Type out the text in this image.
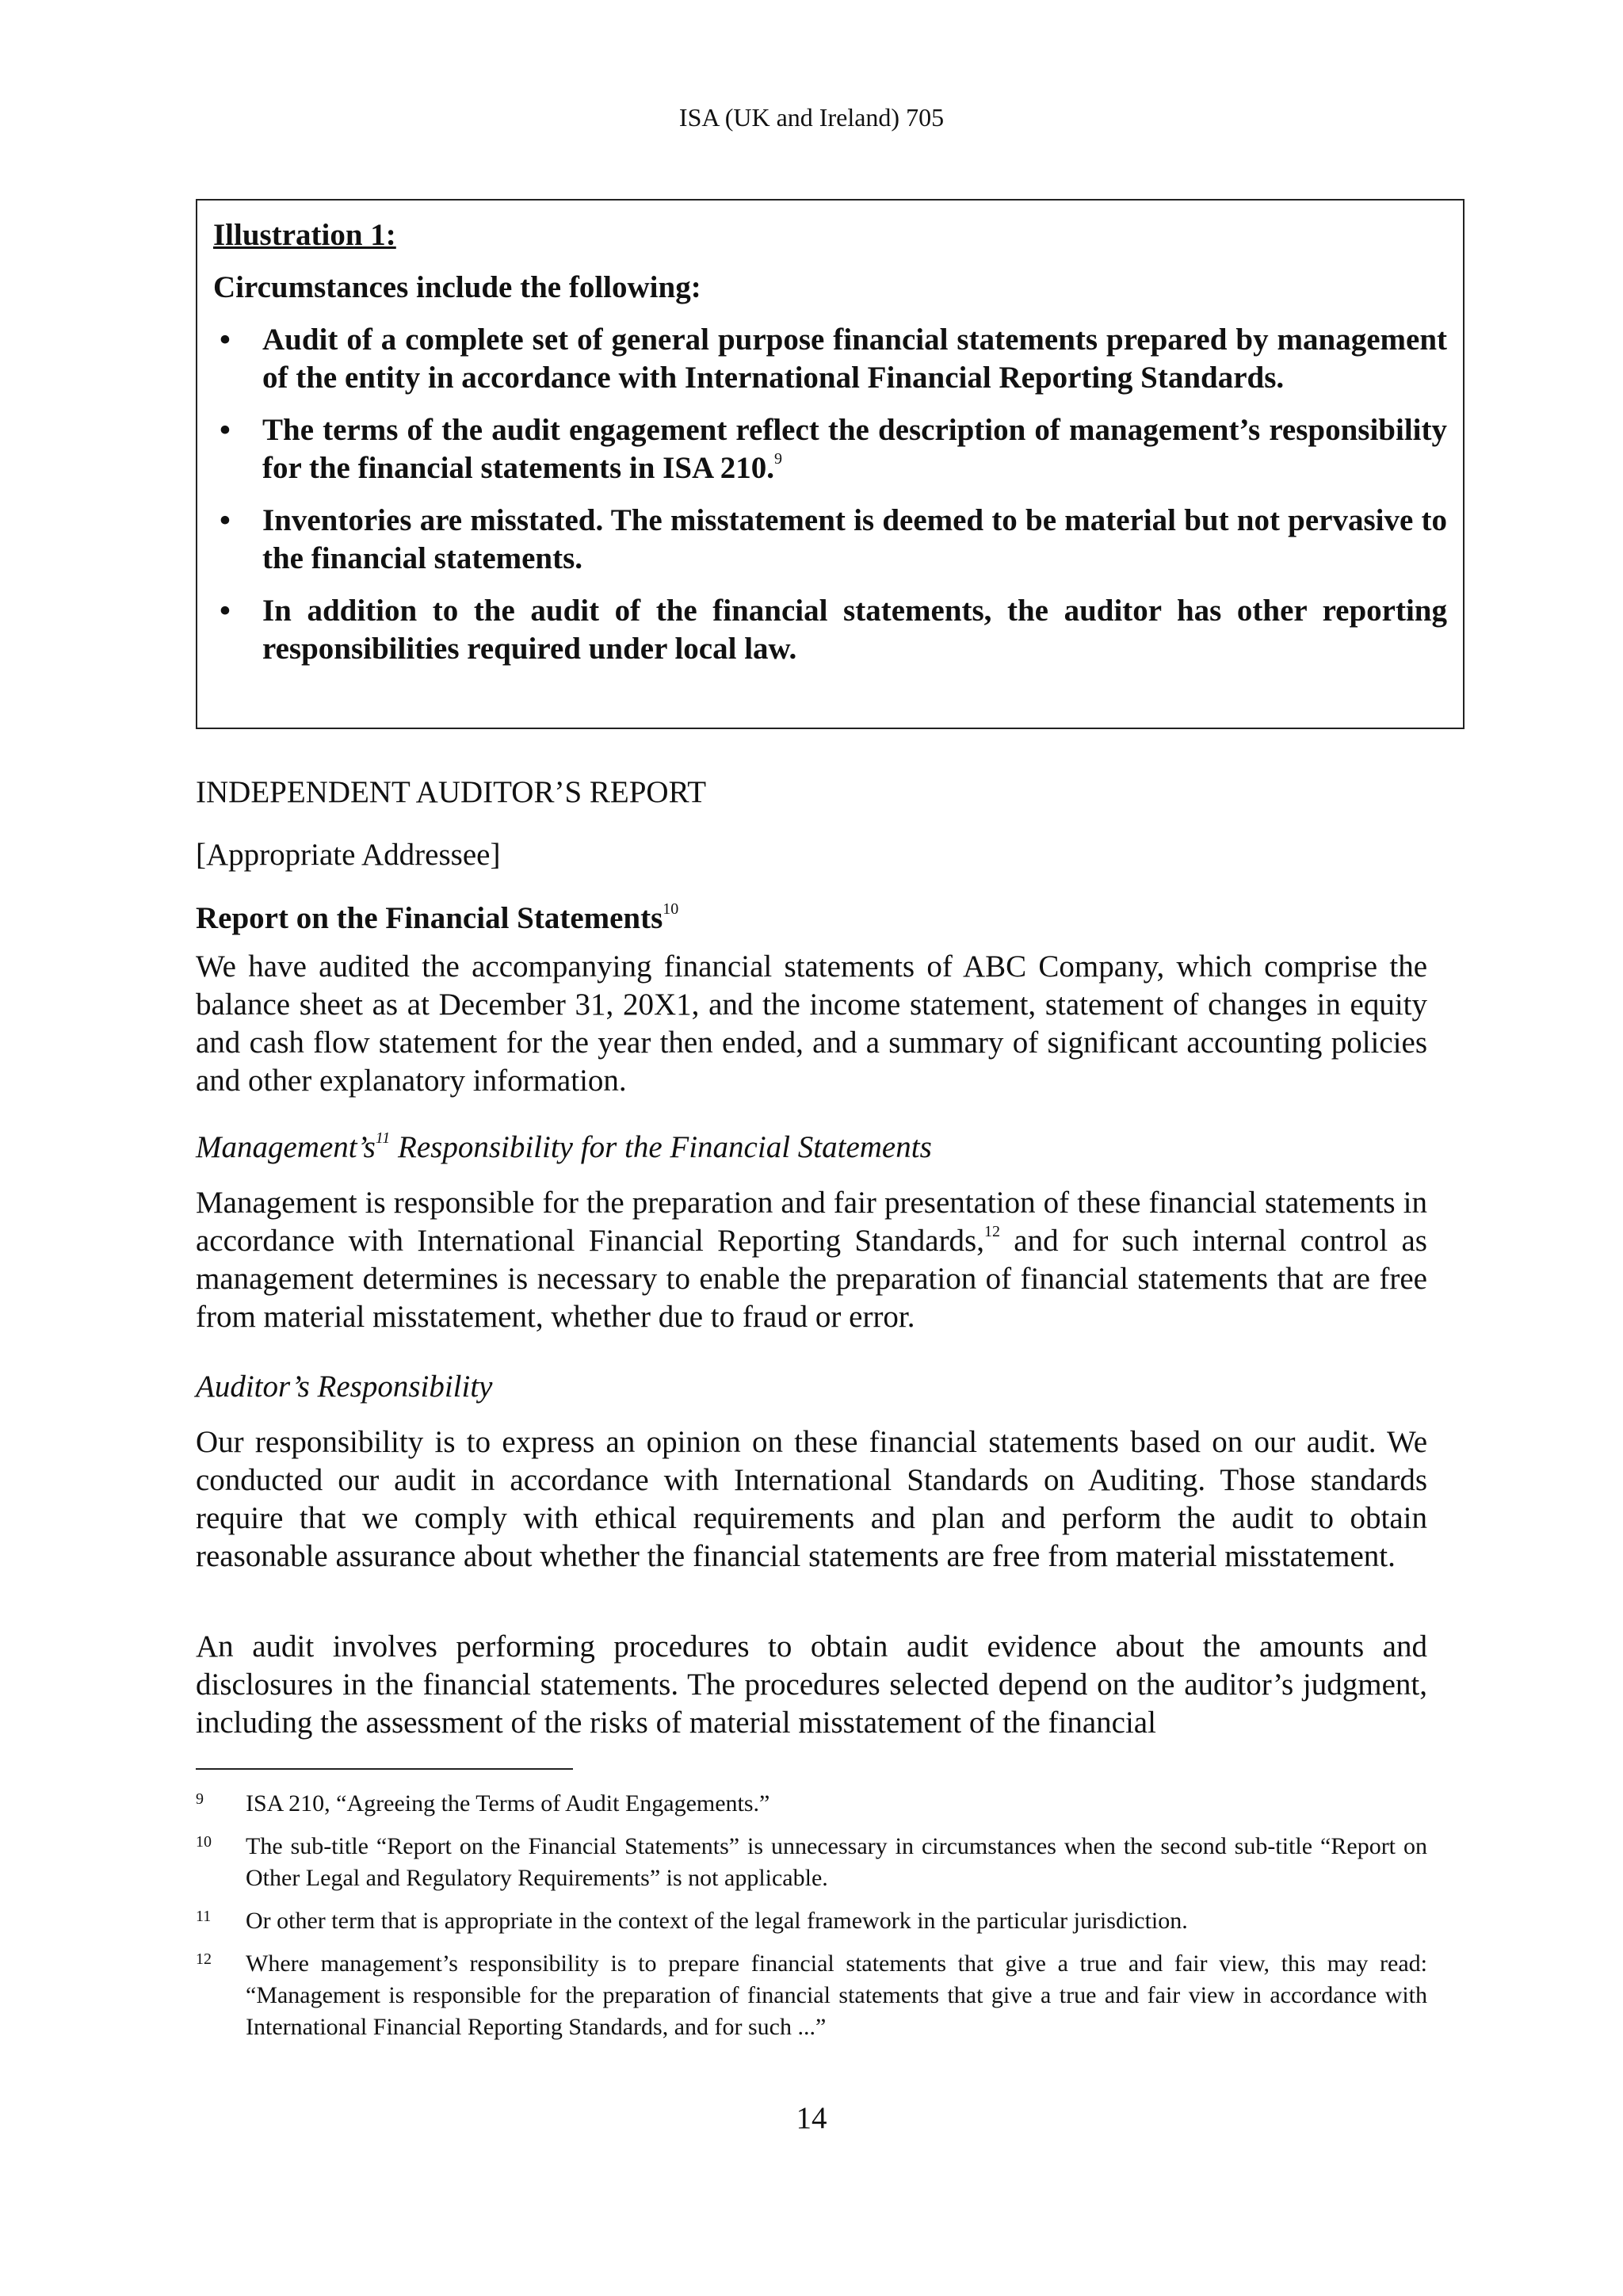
ISA (UK and Ireland) 705
Illustration 1:
Circumstances include the following:
• Audit of a complete set of general purpose financial statements prepared by management of the entity in accordance with International Financial Reporting Standards.
• The terms of the audit engagement reflect the description of management’s responsibility for the financial statements in ISA 210.$^9$
• Inventories are misstated. The misstatement is deemed to be material but not pervasive to the financial statements.
• In addition to the audit of the financial statements, the auditor has other reporting responsibilities required under local law.
INDEPENDENT AUDITOR’S REPORT
[Appropriate Addressee]
Report on the Financial Statements$^{10}$
We have audited the accompanying financial statements of ABC Company, which comprise the balance sheet as at December 31, 20X1, and the income statement, statement of changes in equity and cash flow statement for the year then ended, and a summary of significant accounting policies and other explanatory information.
$Management’s^{11}$ Responsibility for the Financial Statements
Management is responsible for the preparation and fair presentation of these financial statements in accordance with International Financial Reporting Standards,$^{12}$ and for such internal control as management determines is necessary to enable the preparation of financial statements that are free from material misstatement, whether due to fraud or error.
Auditor’s Responsibility
Our responsibility is to express an opinion on these financial statements based on our audit. We conducted our audit in accordance with International Standards on Auditing. Those standards require that we comply with ethical requirements and plan and perform the audit to obtain reasonable assurance about whether the financial statements are free from material misstatement.
An audit involves performing procedures to obtain audit evidence about the amounts and disclosures in the financial statements. The procedures selected depend on the auditor’s judgment, including the assessment of the risks of material misstatement of the financial
9 ISA 210, “Agreeing the Terms of Audit Engagements.”
10 The sub-title “Report on the Financial Statements” is unnecessary in circumstances when the second sub-title “Report on Other Legal and Regulatory Requirements” is not applicable.
11 Or other term that is appropriate in the context of the legal framework in the particular jurisdiction.
12 Where management’s responsibility is to prepare financial statements that give a true and fair view, this may read: “Management is responsible for the preparation of financial statements that give a true and fair view in accordance with International Financial Reporting Standards, and for such ...”
14
